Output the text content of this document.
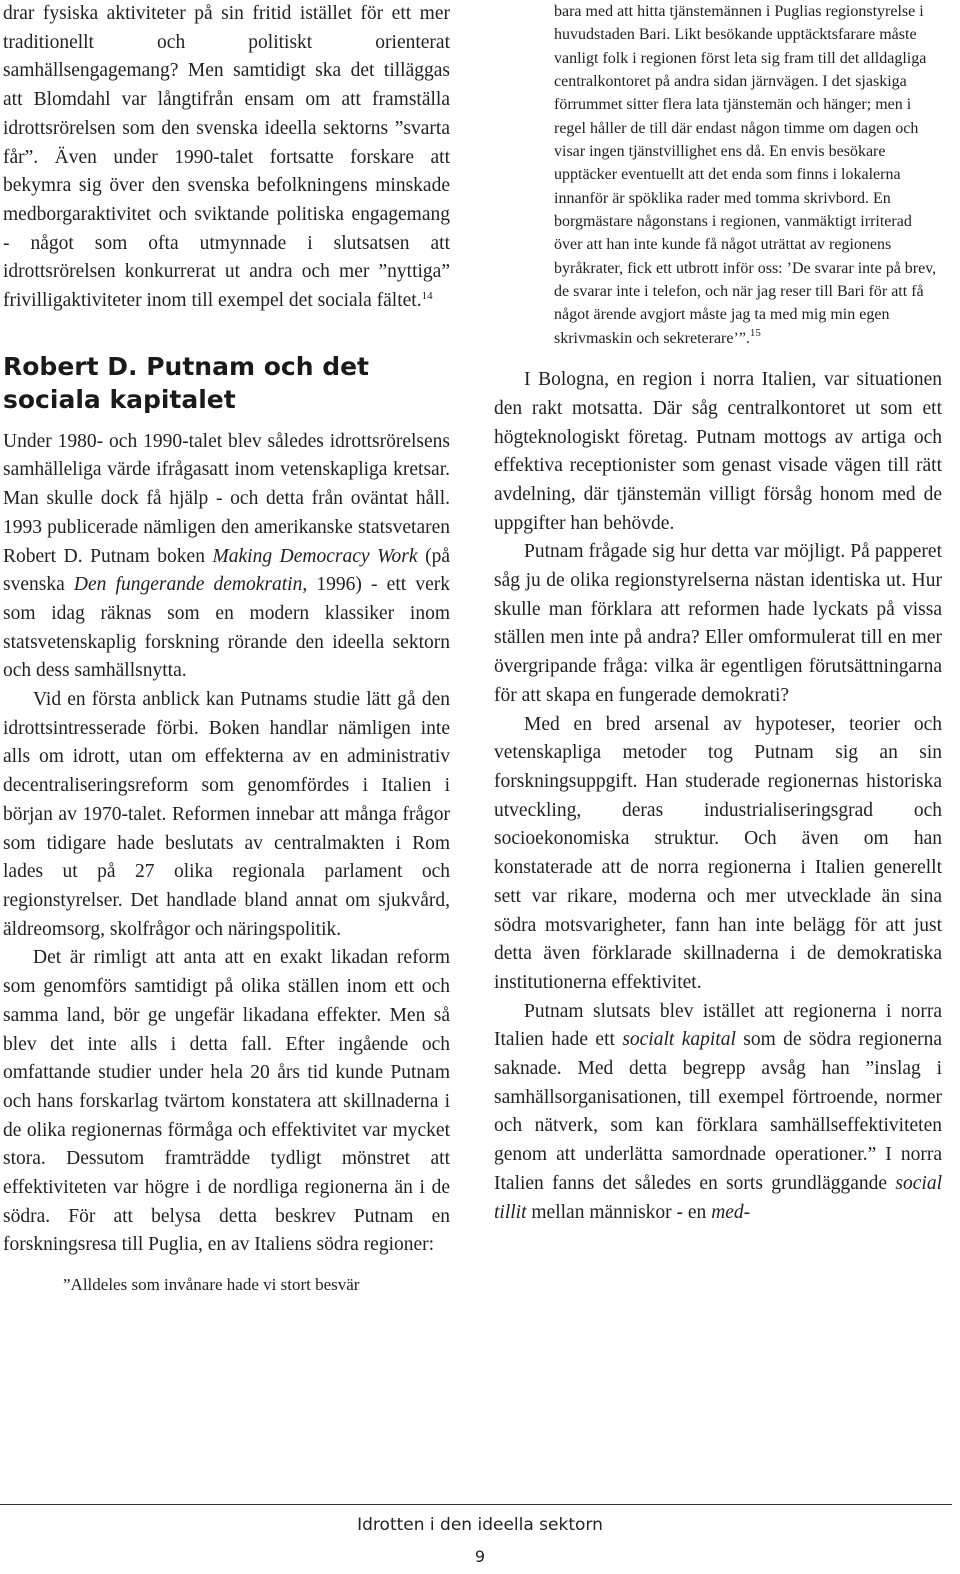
drar fysiska aktiviteter på sin fritid istället för ett mer traditionellt och politiskt orienterat samhällsengagemang? Men samtidigt ska det tilläggas att Blomdahl var långtifrån ensam om att framställa idrottsrörelsen som den svenska ideella sektorns ”svarta får”. Även under 1990-talet fortsatte forskare att bekymra sig över den svenska befolkningens minskade medborgaraktivitet och sviktande politiska engagemang - något som ofta utmynnade i slutsatsen att idrottsrörelsen konkurrerat ut andra och mer ”nyttiga” frivilligaktiviteter inom till exempel det sociala fältet.$^{14}$

Robert D. Putnam och det sociala kapitalet

Under 1980- och 1990-talet blev således idrottsrörelsens samhälleliga värde ifrågasatt inom vetenskapliga kretsar. Man skulle dock få hjälp - och detta från oväntat håll. 1993 publicerade nämligen den amerikanske statsvetaren Robert D. Putnam boken Making Democracy Work (på svenska Den fungerande demokratin, 1996) - ett verk som idag räknas som en modern klassiker inom statsvetenskaplig forskning rörande den ideella sektorn och dess samhällsnytta.

Vid en första anblick kan Putnams studie lätt gå den idrottsintresserade förbi. Boken handlar nämligen inte alls om idrott, utan om effekterna av en administrativ decentraliseringsreform som genomfördes i Italien i början av 1970-talet. Reformen innebar att många frågor som tidigare hade beslutats av centralmakten i Rom lades ut på 27 olika regionala parlament och regionstyrelser. Det handlade bland annat om sjukvård, äldreomsorg, skolfrågor och näringspolitik.

Det är rimligt att anta att en exakt likadan reform som genomförs samtidigt på olika ställen inom ett och samma land, bör ge ungefär likadana effekter. Men så blev det inte alls i detta fall. Efter ingående och omfattande studier under hela 20 års tid kunde Putnam och hans forskarlag tvärtom konstatera att skillnaderna i de olika regionernas förmåga och effektivitet var mycket stora. Dessutom framträdde tydligt mönstret att effektiviteten var högre i de nordliga regionerna än i de södra. För att belysa detta beskrev Putnam en forskningsresa till Puglia, en av Italiens södra regioner:

”Alldeles som invånare hade vi stort besvär

bara med att hitta tjänstemännen i Puglias regionstyrelse i huvudstaden Bari. Likt besökande upptäcktsfarare måste vanligt folk i regionen först leta sig fram till det alldagliga centralkontoret på andra sidan järnvägen. I det sjaskiga förrummet sitter flera lata tjänstemän och hänger; men i regel håller de till där endast någon timme om dagen och visar ingen tjänstvillighet ens då. En envis besökare upptäcker eventuellt att det enda som finns i lokalerna innanför är spöklika rader med tomma skrivbord. En borgmästare någonstans i regionen, vanmäktigt irriterad över att han inte kunde få något uträttat av regionens byråkrater, fick ett utbrott inför oss: ’De svarar inte på brev, de svarar inte i telefon, och när jag reser till Bari för att få något ärende avgjort måste jag ta med mig min egen skrivmaskin och sekreterare’”.$^{15}$

I Bologna, en region i norra Italien, var situationen den rakt motsatta. Där såg centralkontoret ut som ett högteknologiskt företag. Putnam mottogs av artiga och effektiva receptionister som genast visade vägen till rätt avdelning, där tjänstemän villigt försåg honom med de uppgifter han behövde.

Putnam frågade sig hur detta var möjligt. På papperet såg ju de olika regionstyrelserna nästan identiska ut. Hur skulle man förklara att reformen hade lyckats på vissa ställen men inte på andra? Eller omformulerat till en mer övergripande fråga: vilka är egentligen förutsättningarna för att skapa en fungerade demokrati?

Med en bred arsenal av hypoteser, teorier och vetenskapliga metoder tog Putnam sig an sin forskningsuppgift. Han studerade regionernas historiska utveckling, deras industrialiseringsgrad och socioekonomiska struktur. Och även om han konstaterade att de norra regionerna i Italien generellt sett var rikare, moderna och mer utvecklade än sina södra motsvarigheter, fann han inte belägg för att just detta även förklarade skillnaderna i de demokratiska institutionerna effektivitet.

Putnam slutsats blev istället att regionerna i norra Italien hade ett socialt kapital som de södra regionerna saknade. Med detta begrepp avsåg han ”inslag i samhällsorganisationen, till exempel förtroende, normer och nätverk, som kan förklara samhällseffektiviteten genom att underlätta samordnade operationer.” I norra Italien fanns det således en sorts grundläggande social tillit mellan människor - en med-

Idrotten i den ideella sektorn
9
